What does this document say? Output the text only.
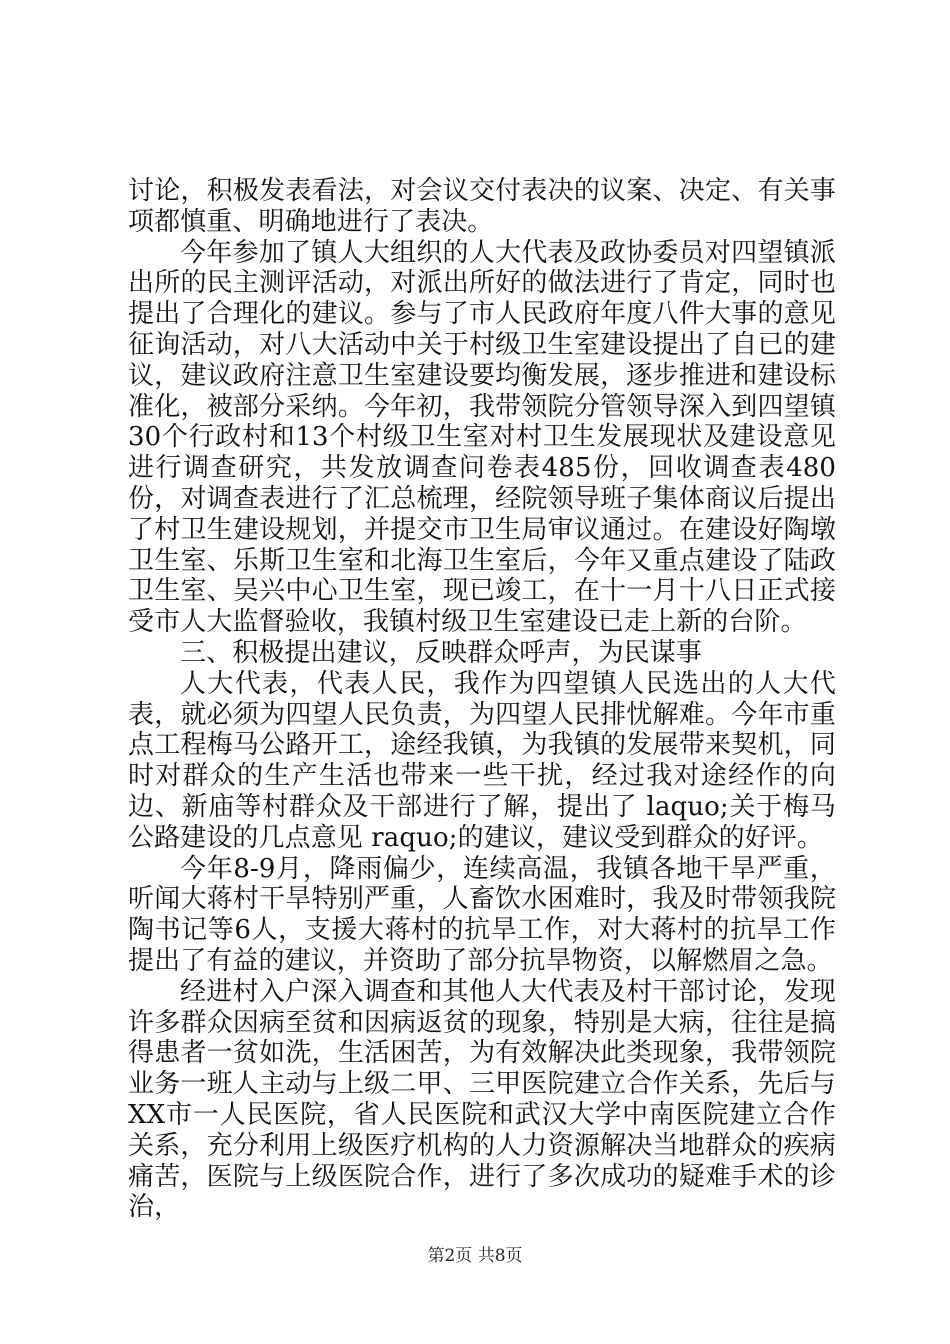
讨论，积极发表看法，对会议交付表决的议案、决定、有关事项都慎重、明确地进行了表决。

今年参加了镇人大组织的人大代表及政协委员对四望镇派出所的民主测评活动，对派出所好的做法进行了肯定，同时也提出了合理化的建议。参与了市人民政府年度八件大事的意见征询活动，对八大活动中关于村级卫生室建设提出了自已的建议，建议政府注意卫生室建设要均衡发展，逐步推进和建设标准化，被部分采纳。今年初，我带领院分管领导深入到四望镇30个行政村和13个村级卫生室对村卫生发展现状及建设意见进行调查研究，共发放调查问卷表485份，回收调查表480份，对调查表进行了汇总梳理，经院领导班子集体商议后提出了村卫生建设规划，并提交市卫生局审议通过。在建设好陶墩卫生室、乐斯卫生室和北海卫生室后，今年又重点建设了陆政卫生室、吴兴中心卫生室，现已竣工，在十一月十八日正式接受市人大监督验收，我镇村级卫生室建设已走上新的台阶。

三、积极提出建议，反映群众呼声，为民谋事

人大代表，代表人民，我作为四望镇人民选出的人大代表，就必须为四望人民负责，为四望人民排忧解难。今年市重点工程梅马公路开工，途经我镇，为我镇的发展带来契机，同时对群众的生产生活也带来一些干扰，经过我对途经作的向边、新庙等村群众及干部进行了解，提出了 laquo;关于梅马公路建设的几点意见 raquo;的建议，建议受到群众的好评。

今年8-9月，降雨偏少，连续高温，我镇各地干旱严重，听闻大蒋村干旱特别严重，人畜饮水困难时，我及时带领我院陶书记等6人，支援大蒋村的抗旱工作，对大蒋村的抗旱工作提出了有益的建议，并资助了部分抗旱物资，以解燃眉之急。

经进村入户深入调查和其他人大代表及村干部讨论，发现许多群众因病至贫和因病返贫的现象，特别是大病，往往是搞得患者一贫如洗，生活困苦，为有效解决此类现象，我带领院业务一班人主动与上级二甲、三甲医院建立合作关系，先后与XX市一人民医院，省人民医院和武汉大学中南医院建立合作关系，充分利用上级医疗机构的人力资源解决当地群众的疾病痛苦，医院与上级医院合作，进行了多次成功的疑难手术的诊治，

第2页 共8页
